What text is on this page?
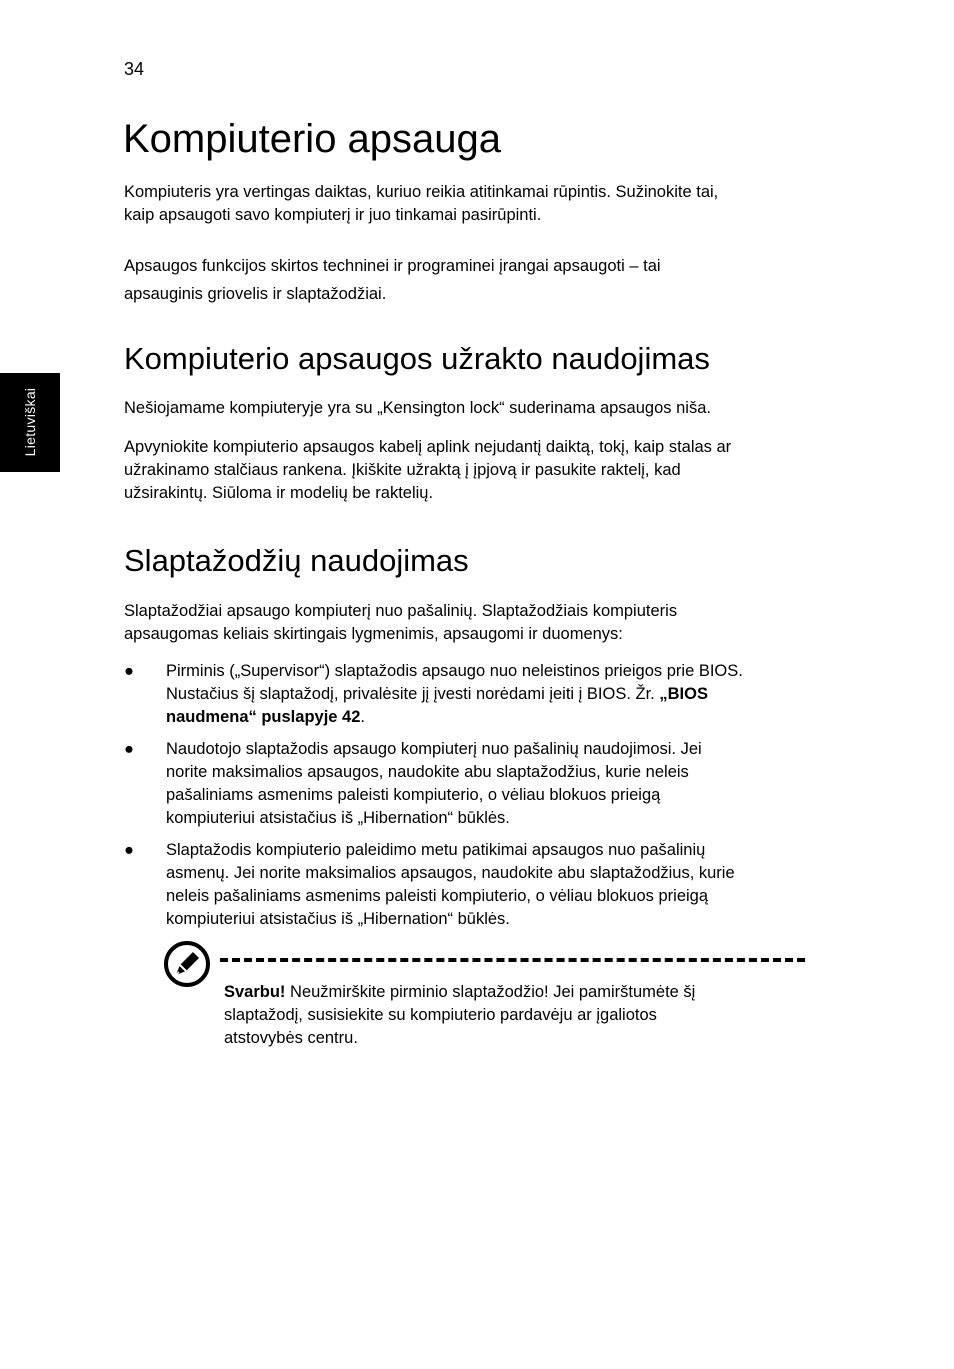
34
Lietuviškai
Kompiuterio apsauga

Kompiuteris yra vertingas daiktas, kuriuo reikia atitinkamai rūpintis. Sužinokite tai,
kaip apsaugoti savo kompiuterį ir juo tinkamai pasirūpinti.

Apsaugos funkcijos skirtos techninei ir programinei įrangai apsaugoti – tai
apsauginis griovelis ir slaptažodžiai.

Kompiuterio apsaugos užrakto naudojimas

Nešiojamame kompiuteryje yra su „Kensington lock“ suderinama apsaugos niša.

Apvyniokite kompiuterio apsaugos kabelį aplink nejudantį daiktą, tokį, kaip stalas ar
užrakinamo stalčiaus rankena. Įkiškite užraktą į įpjovą ir pasukite raktelį, kad
užsirakintų. Siūloma ir modelių be raktelių.

Slaptažodžių naudojimas

Slaptažodžiai apsaugo kompiuterį nuo pašalinių. Slaptažodžiais kompiuteris
apsaugomas keliais skirtingais lygmenimis, apsaugomi ir duomenys:

● Pirminis („Supervisor“) slaptažodis apsaugo nuo neleistinos prieigos prie BIOS.
Nustačius šį slaptažodį, privalėsite jį įvesti norėdami įeiti į BIOS. Žr. „BIOS
naudmena“ puslapyje 42.
● Naudotojo slaptažodis apsaugo kompiuterį nuo pašalinių naudojimosi. Jei
norite maksimalios apsaugos, naudokite abu slaptažodžius, kurie neleis
pašaliniams asmenims paleisti kompiuterio, o vėliau blokuos prieigą
kompiuteriui atsistačius iš „Hibernation“ būklės.
● Slaptažodis kompiuterio paleidimo metu patikimai apsaugos nuo pašalinių
asmenų. Jei norite maksimalios apsaugos, naudokite abu slaptažodžius, kurie
neleis pašaliniams asmenims paleisti kompiuterio, o vėliau blokuos prieigą
kompiuteriui atsistačius iš „Hibernation“ būklės.
Svarbu! Neužmirškite pirminio slaptažodžio! Jei pamirštumėte šį
slaptažodį, susisiekite su kompiuterio pardavėju ar įgaliotos
atstovybės centru.
